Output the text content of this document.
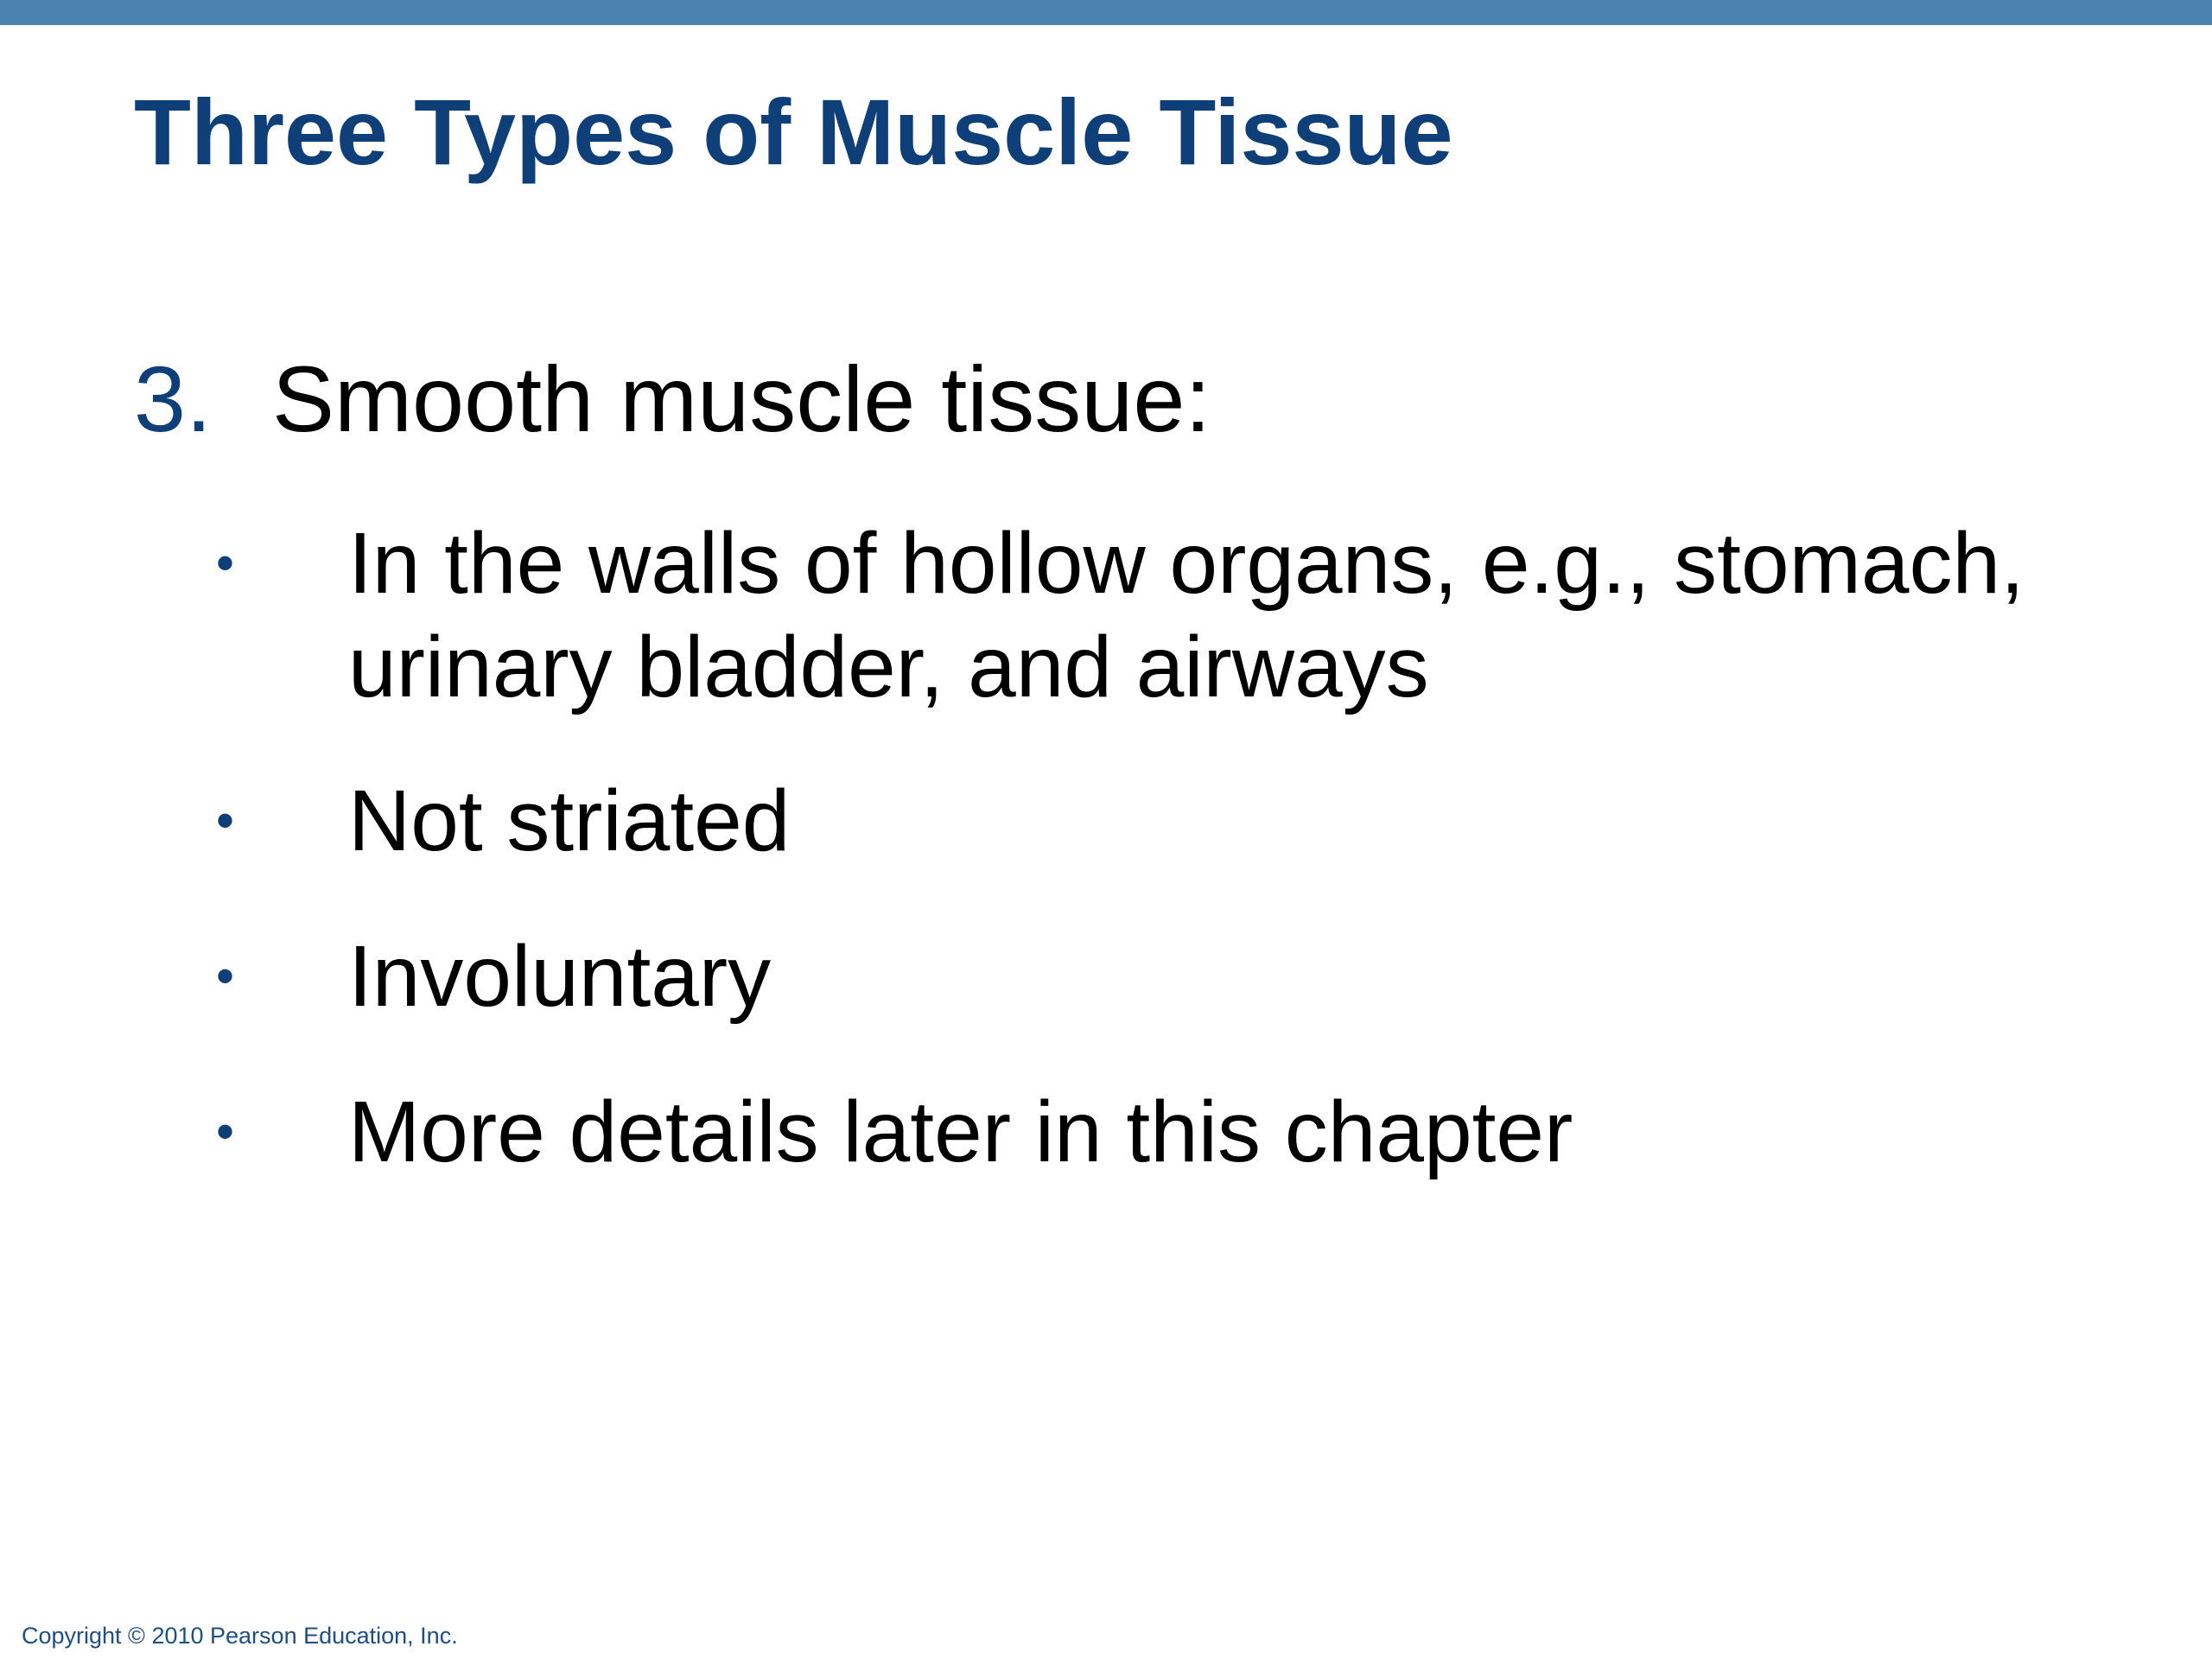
Three Types of Muscle Tissue
3. Smooth muscle tissue:
•	In the walls of hollow organs, e.g., stomach, urinary bladder, and airways
•	Not striated
•	Involuntary
•	More details later in this chapter
Copyright © 2010 Pearson Education, Inc.
